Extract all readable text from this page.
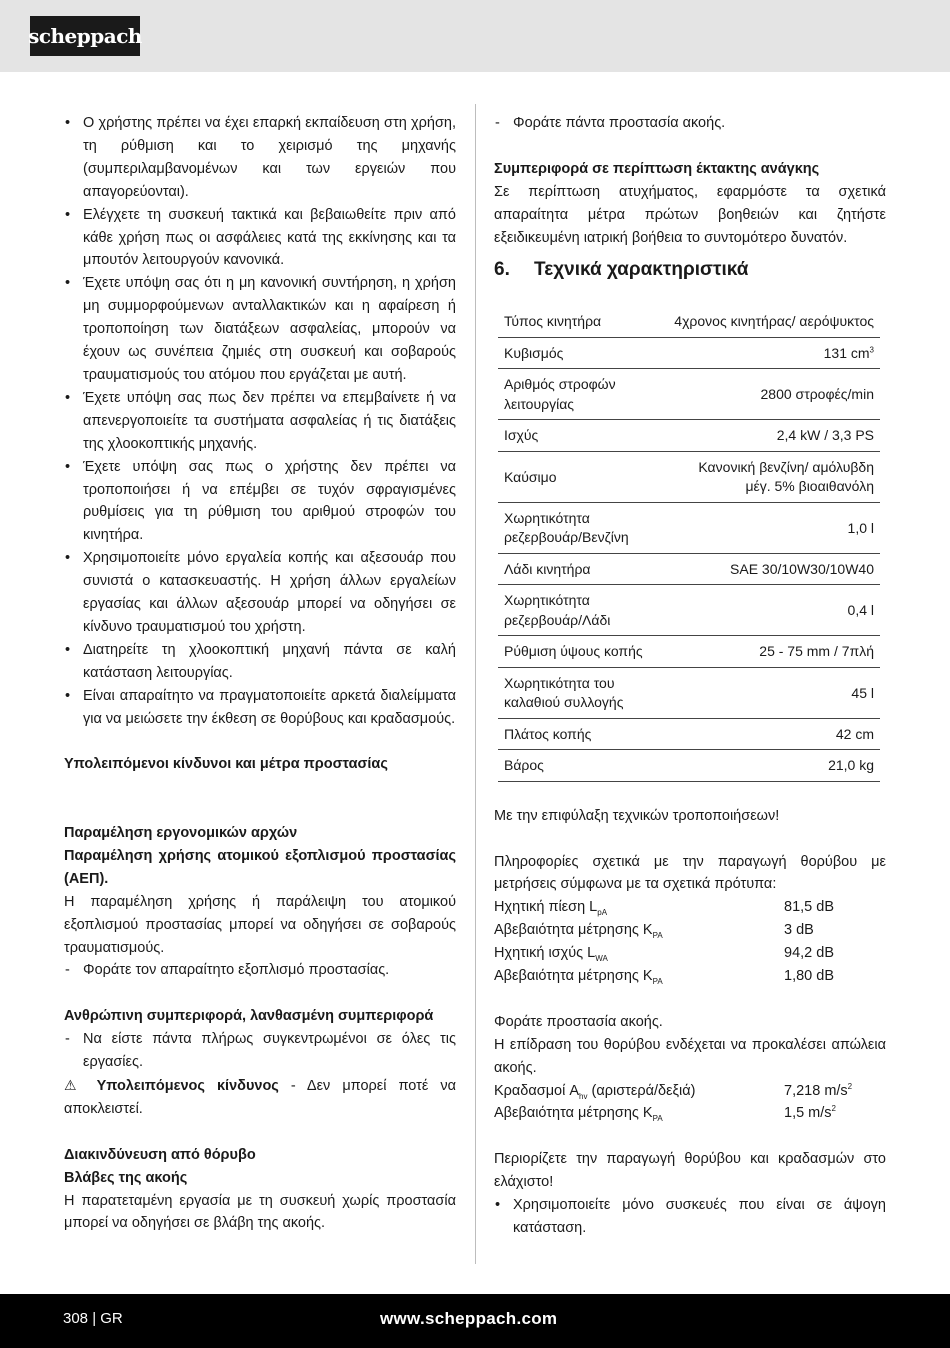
scheppach
• Ο χρήστης πρέπει να έχει επαρκή εκπαίδευση στη χρήση, τη ρύθμιση και το χειρισμό της μηχανής (συμπεριλαμβανομένων και των εργειών που απαγορεύονται).
• Ελέγχετε τη συσκευή τακτικά και βεβαιωθείτε πριν από κάθε χρήση πως οι ασφάλειες κατά της εκκίνησης και τα μπουτόν λειτουργούν κανονικά.
• Έχετε υπόψη σας ότι η μη κανονική συντήρηση, η χρήση μη συμμορφούμενων ανταλλακτικών και η αφαίρεση ή τροποποίηση των διατάξεων ασφαλείας, μπορούν να έχουν ως συνέπεια ζημιές στη συσκευή και σοβαρούς τραυματισμούς του ατόμου που εργάζεται με αυτή.
• Έχετε υπόψη σας πως δεν πρέπει να επεμβαίνετε ή να απενεργοποιείτε τα συστήματα ασφαλείας ή τις διατάξεις της χλοοκοπτικής μηχανής.
• Έχετε υπόψη σας πως ο χρήστης δεν πρέπει να τροποποιήσει ή να επέμβει σε τυχόν σφραγισμένες ρυθμίσεις για τη ρύθμιση του αριθμού στροφών του κινητήρα.
• Χρησιμοποιείτε μόνο εργαλεία κοπής και αξεσουάρ που συνιστά ο κατασκευαστής. Η χρήση άλλων εργαλείων εργασίας και άλλων αξεσουάρ μπορεί να οδηγήσει σε κίνδυνο τραυματισμού του χρήστη.
• Διατηρείτε τη χλοοκοπτική μηχανή πάντα σε καλή κατάσταση λειτουργίας.
• Είναι απαραίτητο να πραγματοποιείτε αρκετά διαλείμματα για να μειώσετε την έκθεση σε θορύβους και κραδασμούς.

Υπολειπόμενοι κίνδυνοι και μέτρα προστασίας

Παραμέληση εργονομικών αρχών

Παραμέληση χρήσης ατομικού εξοπλισμού προστασίας (ΑΕΠ).

Η παραμέληση χρήσης ή παράλειψη του ατομικού εξοπλισμού προστασίας μπορεί να οδηγήσει σε σοβαρούς τραυματισμούς.

- Φοράτε τον απαραίτητο εξοπλισμό προστασίας.

Ανθρώπινη συμπεριφορά, λανθασμένη συμπεριφορά

- Να είστε πάντα πλήρως συγκεντρωμένοι σε όλες τις εργασίες.

⚠ Υπολειπόμενος κίνδυνος - Δεν μπορεί ποτέ να αποκλειστεί.

Διακινδύνευση από θόρυβο

Βλάβες της ακοής

Η παρατεταμένη εργασία με τη συσκευή χωρίς προστασία μπορεί να οδηγήσει σε βλάβη της ακοής.

- Φοράτε πάντα προστασία ακοής.

Συμπεριφορά σε περίπτωση έκτακτης ανάγκης

Σε περίπτωση ατυχήματος, εφαρμόστε τα σχετικά απαραίτητα μέτρα πρώτων βοηθειών και ζητήστε εξειδικευμένη ιατρική βοήθεια το συντομότερο δυνατόν.

6.	Τεχνικά χαρακτηριστικά
Τύπος κινητήρα	4χρονος κινητήρας/ αερόψυκτος
Κυβισμός	131 $cm^3$
Αριθμός στροφών λειτουργίας	2800 στροφές/min
Ισχύς	2,4 kW / 3,3 PS
Καύσιμο	Κανονική βενζίνη/ αμόλυβδη μέγ. 5% βιοαιθανόλη
Χωρητικότητα ρεζερβουάρ/Βενζίνη	1,0 l
Λάδι κινητήρα	SAE 30/10W30/10W40
Χωρητικότητα ρεζερβουάρ/Λάδι	0,4 l
Ρύθμιση ύψους κοπής	25 - 75 mm / 7πλή
Χωρητικότητα του καλαθιού συλλογής	45 l
Πλάτος κοπής	42 cm
Βάρος	21,0 kg

Με την επιφύλαξη τεχνικών τροποποιήσεων!

Πληροφορίες σχετικά με την παραγωγή θορύβου με μετρήσεις σύμφωνα με τα σχετικά πρότυπα:

Ηχητική πίεση $L_{pA}$	81,5 dB
Αβεβαιότητα μέτρησης $K_{PA}$	3 dB
Ηχητική ισχύς $L_{WA}$	94,2 dB
Αβεβαιότητα μέτρησης $K_{PA}$	1,80 dB

Φοράτε προστασία ακοής.

Η επίδραση του θορύβου ενδέχεται να προκαλέσει απώλεια ακοής.

Κραδασμοί $A_{hv}$ (αριστερά/δεξιά)	7,218 $m/s^2$
Αβεβαιότητα μέτρησης $K_{PA}$	1,5 $m/s^2$

Περιορίζετε την παραγωγή θορύβου και κραδασμών στο ελάχιστο!

• Χρησιμοποιείτε μόνο συσκευές που είναι σε άψογη κατάσταση.
308 | GR	www.scheppach.com
